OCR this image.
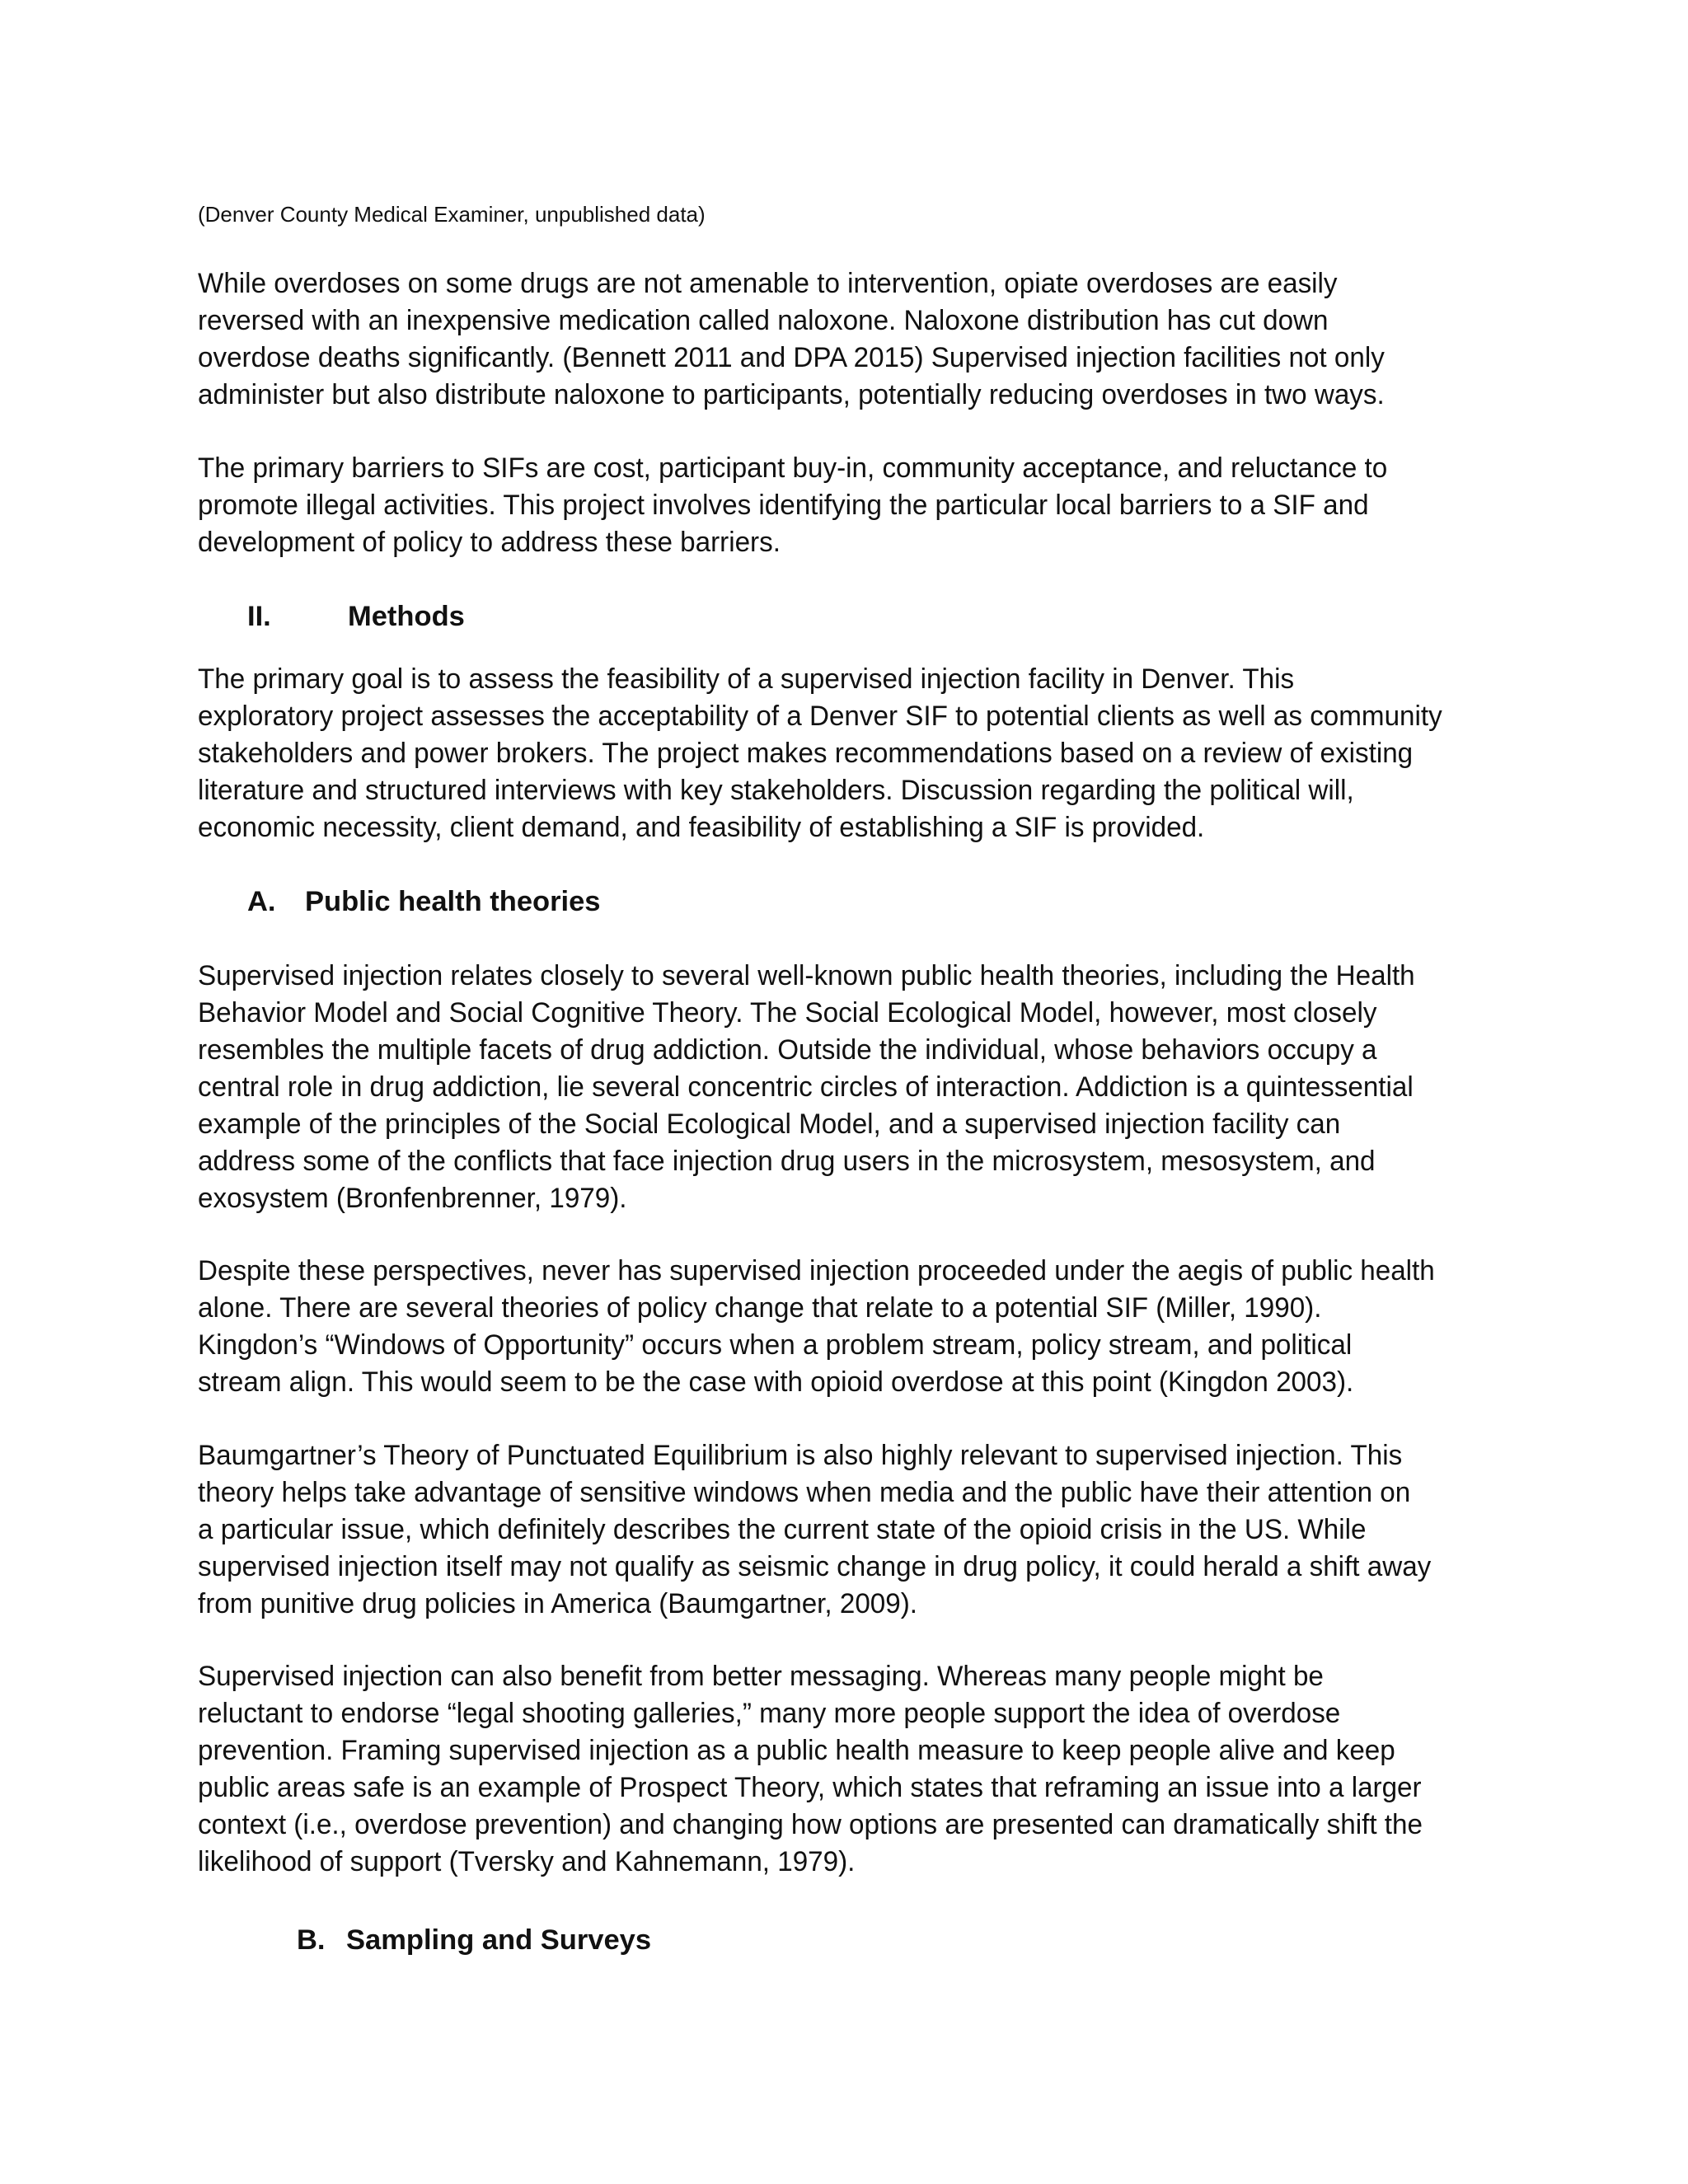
(Denver County Medical Examiner, unpublished data)

While overdoses on some drugs are not amenable to intervention, opiate overdoses are easily
reversed with an inexpensive medication called naloxone. Naloxone distribution has cut down
overdose deaths significantly. (Bennett 2011 and DPA 2015) Supervised injection facilities not only
administer but also distribute naloxone to participants, potentially reducing overdoses in two ways.

The primary barriers to SIFs are cost, participant buy-in, community acceptance, and reluctance to
promote illegal activities. This project involves identifying the particular local barriers to a SIF and
development of policy to address these barriers.

II.	Methods

The primary goal is to assess the feasibility of a supervised injection facility in Denver. This
exploratory project assesses the acceptability of a Denver SIF to potential clients as well as community
stakeholders and power brokers. The project makes recommendations based on a review of existing
literature and structured interviews with key stakeholders. Discussion regarding the political will,
economic necessity, client demand, and feasibility of establishing a SIF is provided.

A. Public health theories

Supervised injection relates closely to several well-known public health theories, including the Health
Behavior Model and Social Cognitive Theory. The Social Ecological Model, however, most closely
resembles the multiple facets of drug addiction. Outside the individual, whose behaviors occupy a
central role in drug addiction, lie several concentric circles of interaction. Addiction is a quintessential
example of the principles of the Social Ecological Model, and a supervised injection facility can
address some of the conflicts that face injection drug users in the microsystem, mesosystem, and
exosystem (Bronfenbrenner, 1979).

Despite these perspectives, never has supervised injection proceeded under the aegis of public health
alone. There are several theories of policy change that relate to a potential SIF (Miller, 1990).
Kingdon’s “Windows of Opportunity” occurs when a problem stream, policy stream, and political
stream align. This would seem to be the case with opioid overdose at this point (Kingdon 2003).

Baumgartner’s Theory of Punctuated Equilibrium is also highly relevant to supervised injection. This
theory helps take advantage of sensitive windows when media and the public have their attention on
a particular issue, which definitely describes the current state of the opioid crisis in the US. While
supervised injection itself may not qualify as seismic change in drug policy, it could herald a shift away
from punitive drug policies in America (Baumgartner, 2009).

Supervised injection can also benefit from better messaging. Whereas many people might be
reluctant to endorse “legal shooting galleries,” many more people support the idea of overdose
prevention. Framing supervised injection as a public health measure to keep people alive and keep
public areas safe is an example of Prospect Theory, which states that reframing an issue into a larger
context (i.e., overdose prevention) and changing how options are presented can dramatically shift the
likelihood of support (Tversky and Kahnemann, 1979).

B. Sampling and Surveys
